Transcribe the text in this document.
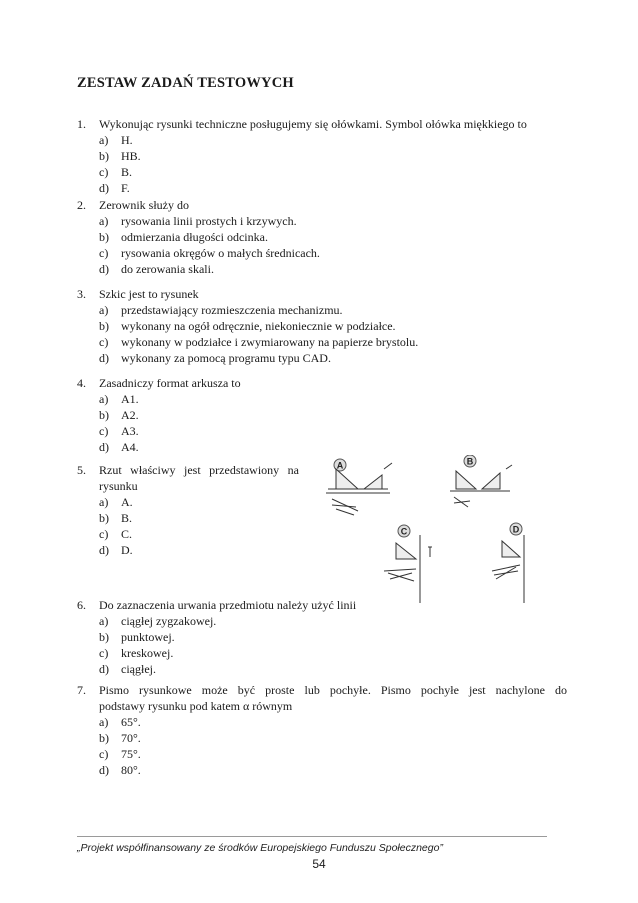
ZESTAW ZADAŃ TESTOWYCH
1.	Wykonując rysunki techniczne posługujemy się ołówkami. Symbol ołówka miękkiego to
a)	H.
b)	HB.
c)	B.
d)	F.
2.	Zerownik służy do
a)	rysowania linii prostych i krzywych.
b)	odmierzania długości odcinka.
c)	rysowania okręgów o małych średnicach.
d)	do zerowania skali.
3.	Szkic jest to rysunek
a)	przedstawiający rozmieszczenia mechanizmu.
b)	wykonany na ogół odręcznie, niekoniecznie w podziałce.
c)	wykonany w podziałce i zwymiarowany na papierze brystolu.
d)	wykonany za pomocą programu typu CAD.
4.	Zasadniczy format arkusza to
a)	A1.
b)	A2.
c)	A3.
d)	A4.
5.	Rzut właściwy jest przedstawiony na
rysunku
a)	A.
b)	B.
c)	C.
d)	D.
A	B
C	D
6.	Do zaznaczenia urwania przedmiotu należy użyć linii
a)	ciągłej zygzakowej.
b)	punktowej.
c)	kreskowej.
d)	ciągłej.
7.	Pismo rysunkowe może być proste lub pochyłe. Pismo pochyłe jest nachylone do
podstawy rysunku pod katem α równym
a)	65°.
b)	70°.
c)	75°.
d)	80°.
„Projekt współfinansowany ze środków Europejskiego Funduszu Społecznego”
54
